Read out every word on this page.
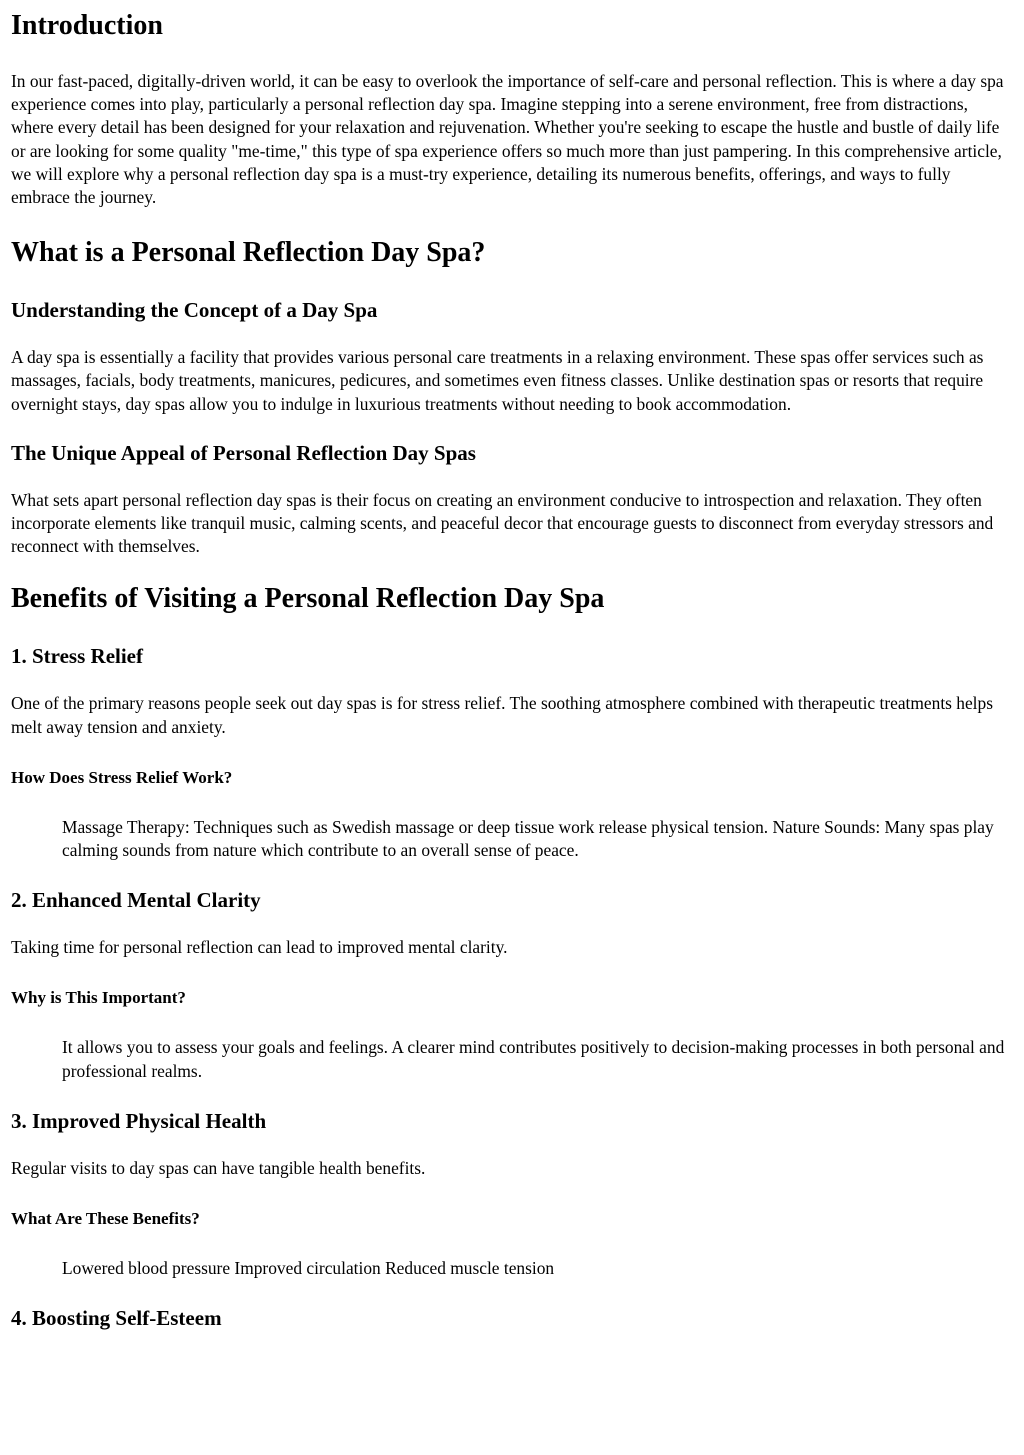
Introduction

In our fast-paced, digitally-driven world, it can be easy to overlook the importance of self-care and personal reflection. This is where a day spa experience comes into play, particularly a personal reflection day spa. Imagine stepping into a serene environment, free from distractions, where every detail has been designed for your relaxation and rejuvenation. Whether you're seeking to escape the hustle and bustle of daily life or are looking for some quality "me-time," this type of spa experience offers so much more than just pampering. In this comprehensive article, we will explore why a personal reflection day spa is a must-try experience, detailing its numerous benefits, offerings, and ways to fully embrace the journey.

What is a Personal Reflection Day Spa?
Understanding the Concept of a Day Spa

A day spa is essentially a facility that provides various personal care treatments in a relaxing environment. These spas offer services such as massages, facials, body treatments, manicures, pedicures, and sometimes even fitness classes. Unlike destination spas or resorts that require overnight stays, day spas allow you to indulge in luxurious treatments without needing to book accommodation.

The Unique Appeal of Personal Reflection Day Spas

What sets apart personal reflection day spas is their focus on creating an environment conducive to introspection and relaxation. They often incorporate elements like tranquil music, calming scents, and peaceful decor that encourage guests to disconnect from everyday stressors and reconnect with themselves.

Benefits of Visiting a Personal Reflection Day Spa
1. Stress Relief

One of the primary reasons people seek out day spas is for stress relief. The soothing atmosphere combined with therapeutic treatments helps melt away tension and anxiety.

How Does Stress Relief Work?
Massage Therapy: Techniques such as Swedish massage or deep tissue work release physical tension. Nature Sounds: Many spas play calming sounds from nature which contribute to an overall sense of peace.
2. Enhanced Mental Clarity

Taking time for personal reflection can lead to improved mental clarity.

Why is This Important?
It allows you to assess your goals and feelings. A clearer mind contributes positively to decision-making processes in both personal and professional realms.
3. Improved Physical Health

Regular visits to day spas can have tangible health benefits.

What Are These Benefits?
Lowered blood pressure Improved circulation Reduced muscle tension
4. Boosting Self-Esteem
